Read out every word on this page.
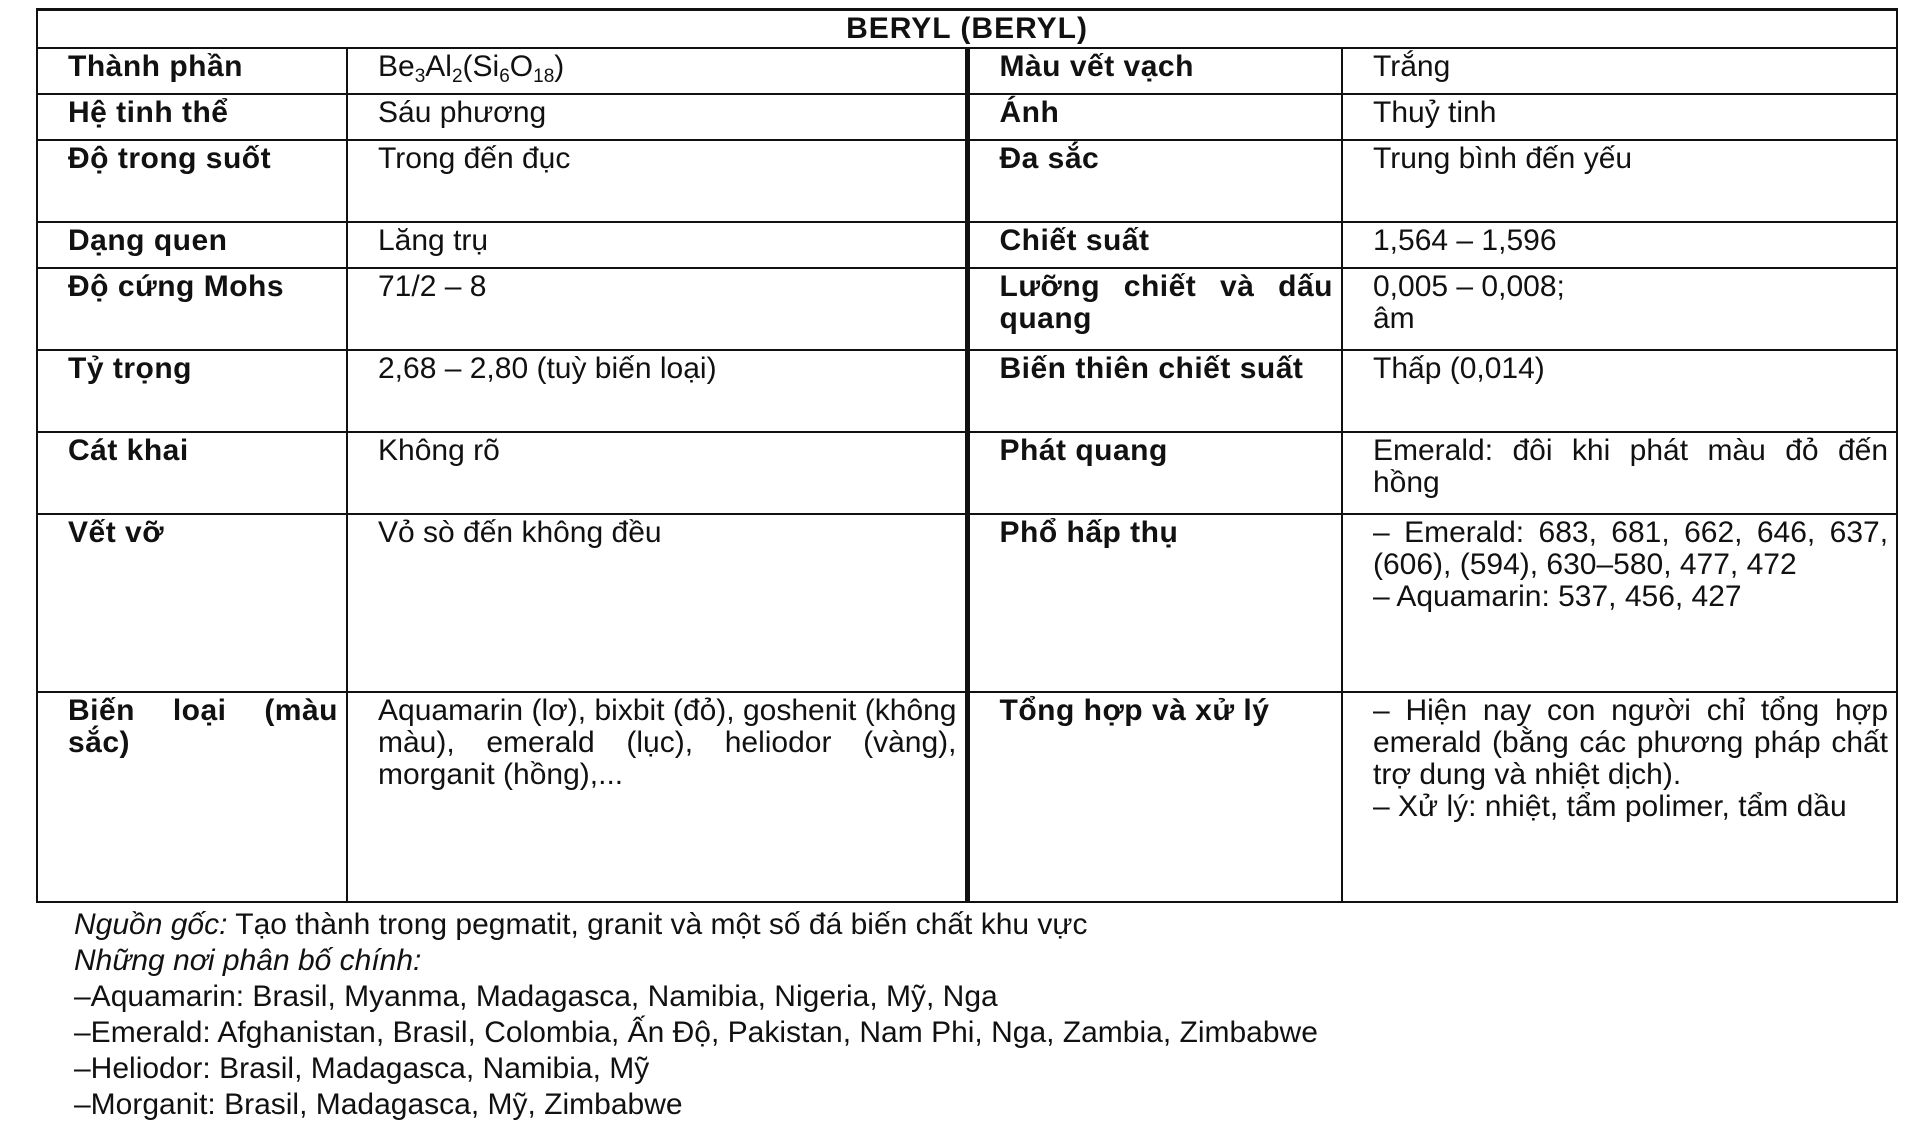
BERYL (BERYL)			
Thành phần	$Be_3Al_2(Si_6O_{18})$	Màu vết vạch	Trắng
Hệ tinh thể	Sáu phương	Ánh	Thuỷ tinh
Độ trong suốt	Trong đến đục	Đa sắc	Trung bình đến yếu
Dạng quen	Lăng trụ	Chiết suất	1,564 – 1,596
Độ cứng Mohs	71/2 – 8	Lưỡng chiết và dấu quang	0,005 – 0,008;
âm

Tỷ trọng	2,68 – 2,80 (tuỳ biến loại)	Biến thiên chiết suất	Thấp (0,014)
Cát khai	Không rõ	Phát quang	Emerald: đôi khi phát màu đỏ đến hồng
Vết vỡ	Vỏ sò đến không đều	Phổ hấp thụ	– Emerald: 683, 681, 662, 646, 637, (606), (594), 630–580, 477, 472
– Aquamarin: 537, 456, 427

Biến loại (màu sắc)	Aquamarin (lơ), bixbit (đỏ), goshenit (không màu), emerald (lục), heliodor (vàng), morganit (hồng),...	Tổng hợp và xử lý	– Hiện nay con người chỉ tổng hợp emerald (bằng các phương pháp chất trợ dung và nhiệt dịch).
– Xử lý: nhiệt, tẩm polimer, tẩm dầu
Nguồn gốc: Tạo thành trong pegmatit, granit và một số đá biến chất khu vực
Những nơi phân bố chính:
–Aquamarin: Brasil, Myanma, Madagasca, Namibia, Nigeria, Mỹ, Nga
–Emerald: Afghanistan, Brasil, Colombia, Ấn Độ, Pakistan, Nam Phi, Nga, Zambia, Zimbabwe
–Heliodor: Brasil, Madagasca, Namibia, Mỹ
–Morganit: Brasil, Madagasca, Mỹ, Zimbabwe
